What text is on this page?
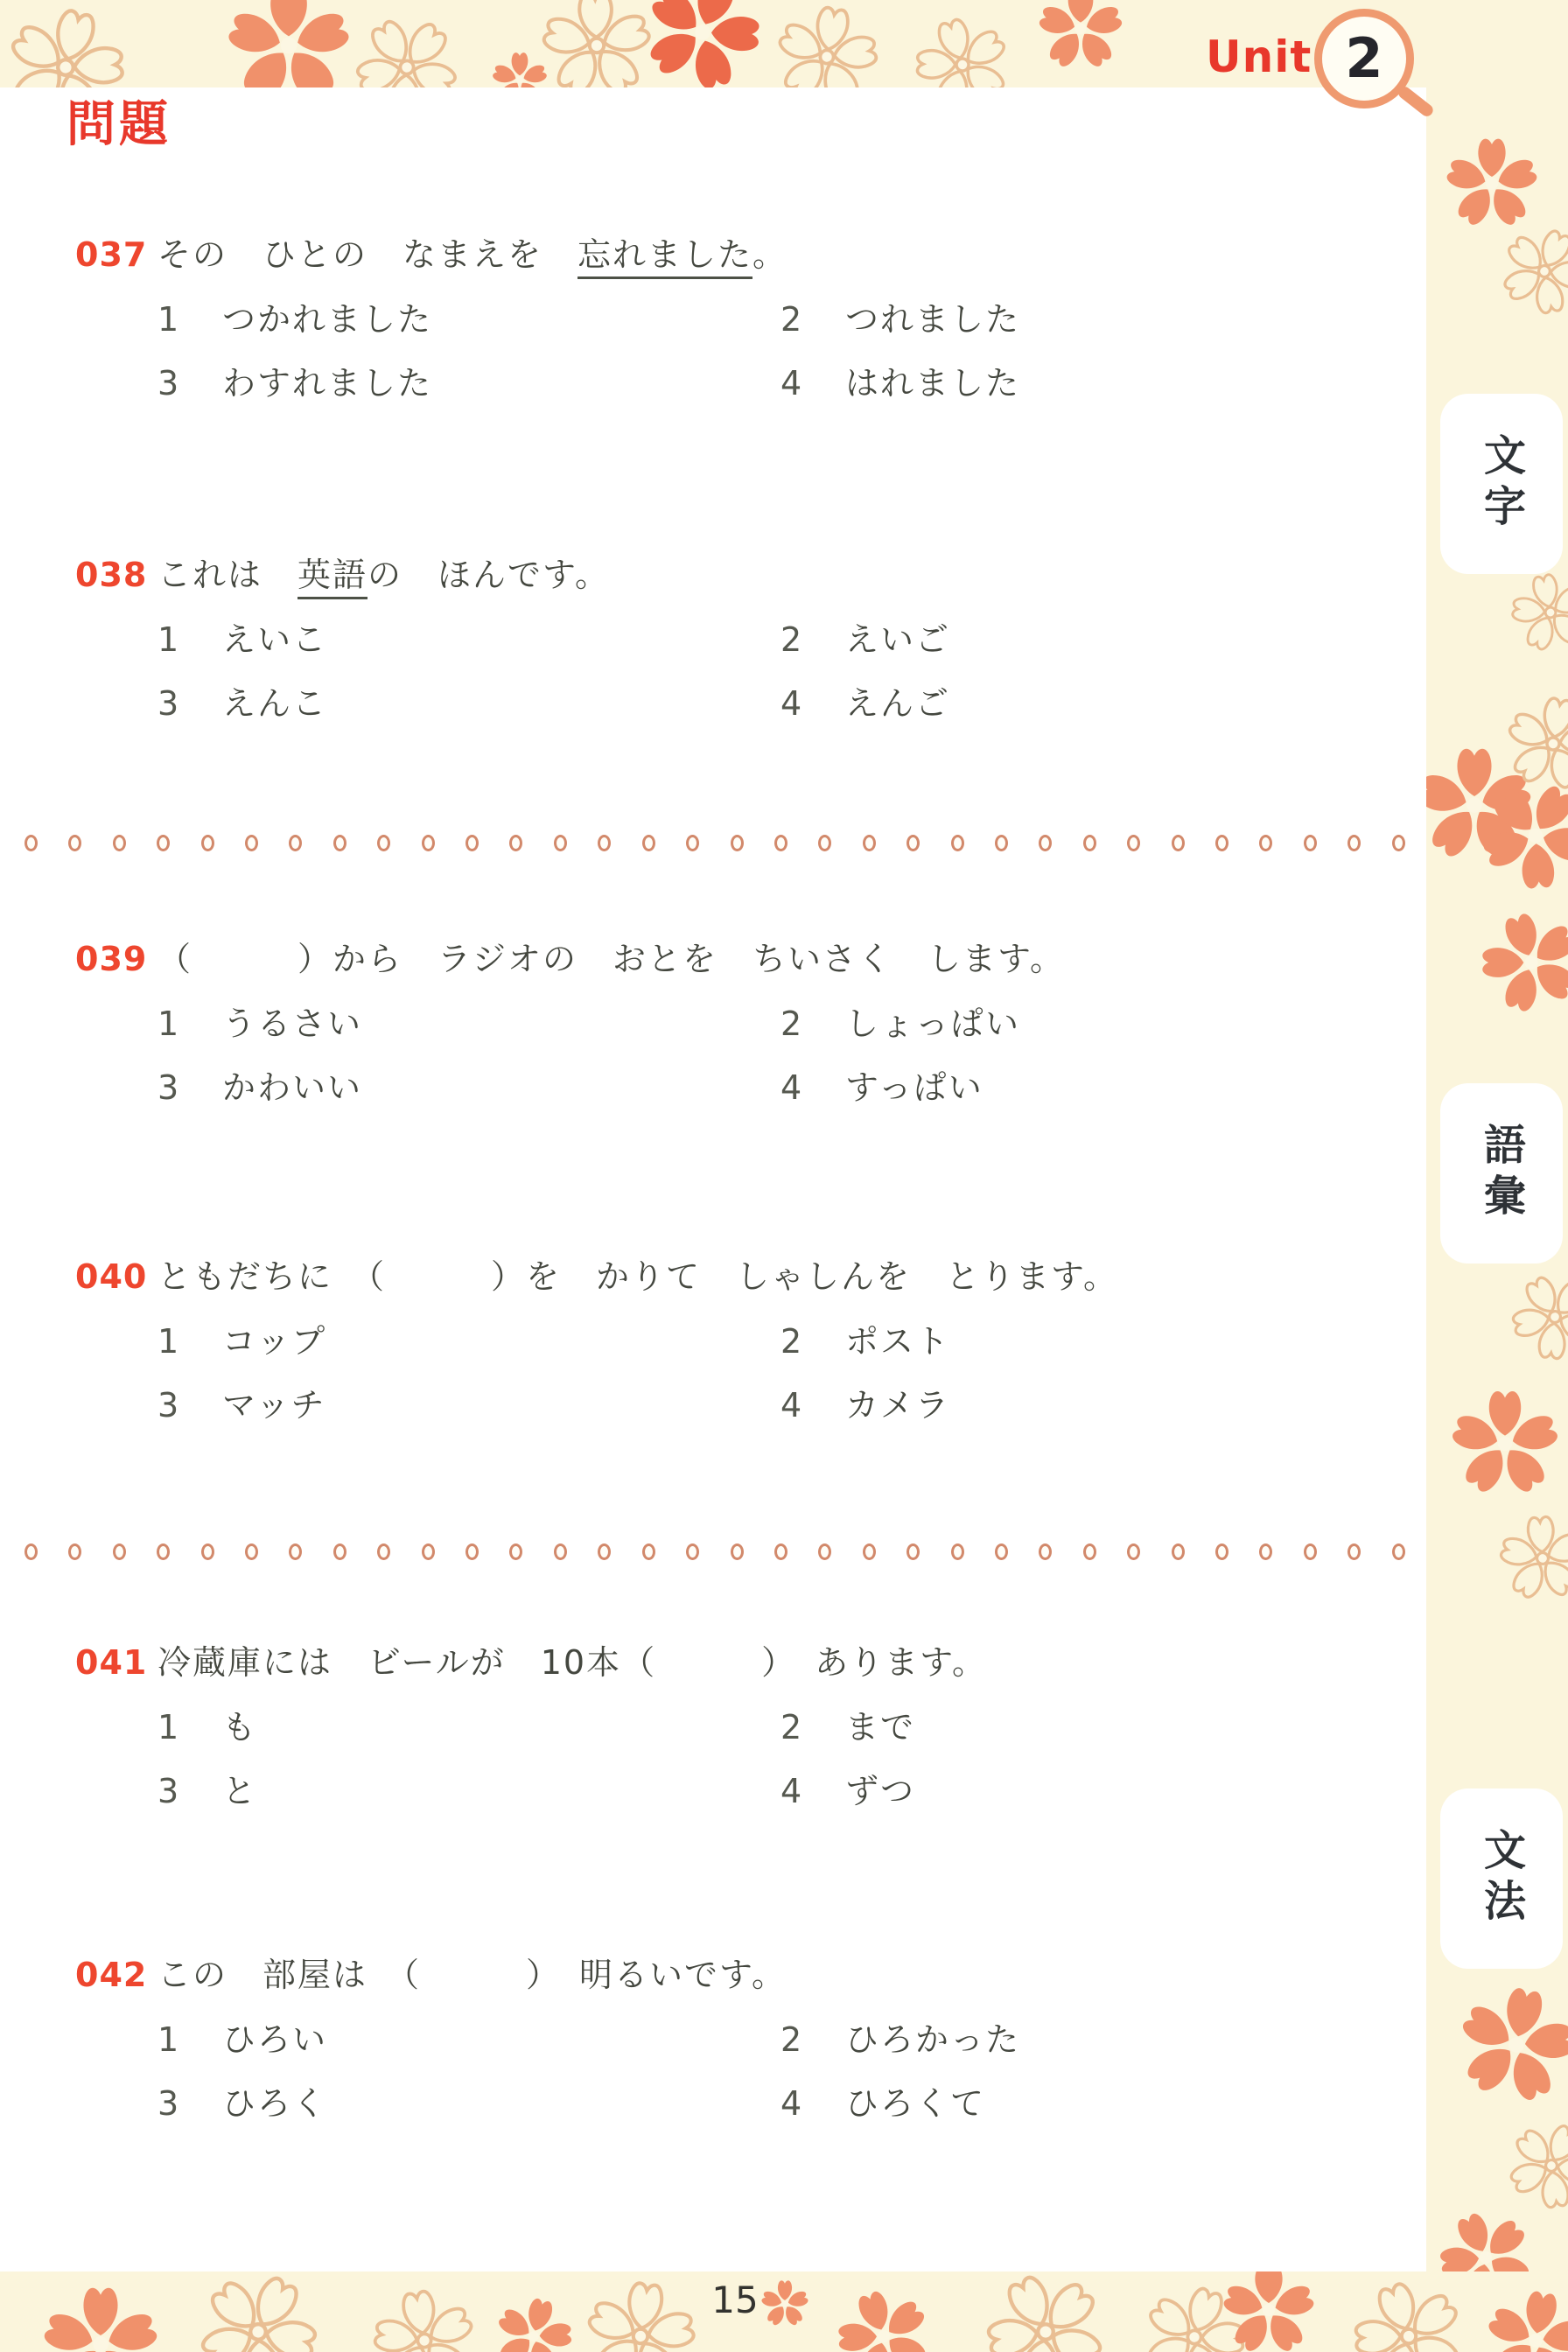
Unit 2
問題
037 その　ひとの　なまえを　忘れました。
1	つかれました	2	つれました
3	わすれました	4	はれました
038 これは　英語の　ほんです。
1	えいこ	2	えいご
3	えんこ	4	えんご
039 （　　　）から　ラジオの　おとを　ちいさく　します。
1	うるさい	2	しょっぱい
3	かわいい	4	すっぱい
040 ともだちに　（　　　）を　かりて　しゃしんを　とります。
1	コップ	2	ポスト
3	マッチ	4	カメラ
041 冷蔵庫には　ビールが　10本（　　　）　あります。
1	も	2	まで
3	と	4	ずつ
042 この　部屋は　（　　　）　明るいです。
1	ひろい	2	ひろかった
3	ひろく	4	ひろくて
文字
語彙
文法
15
